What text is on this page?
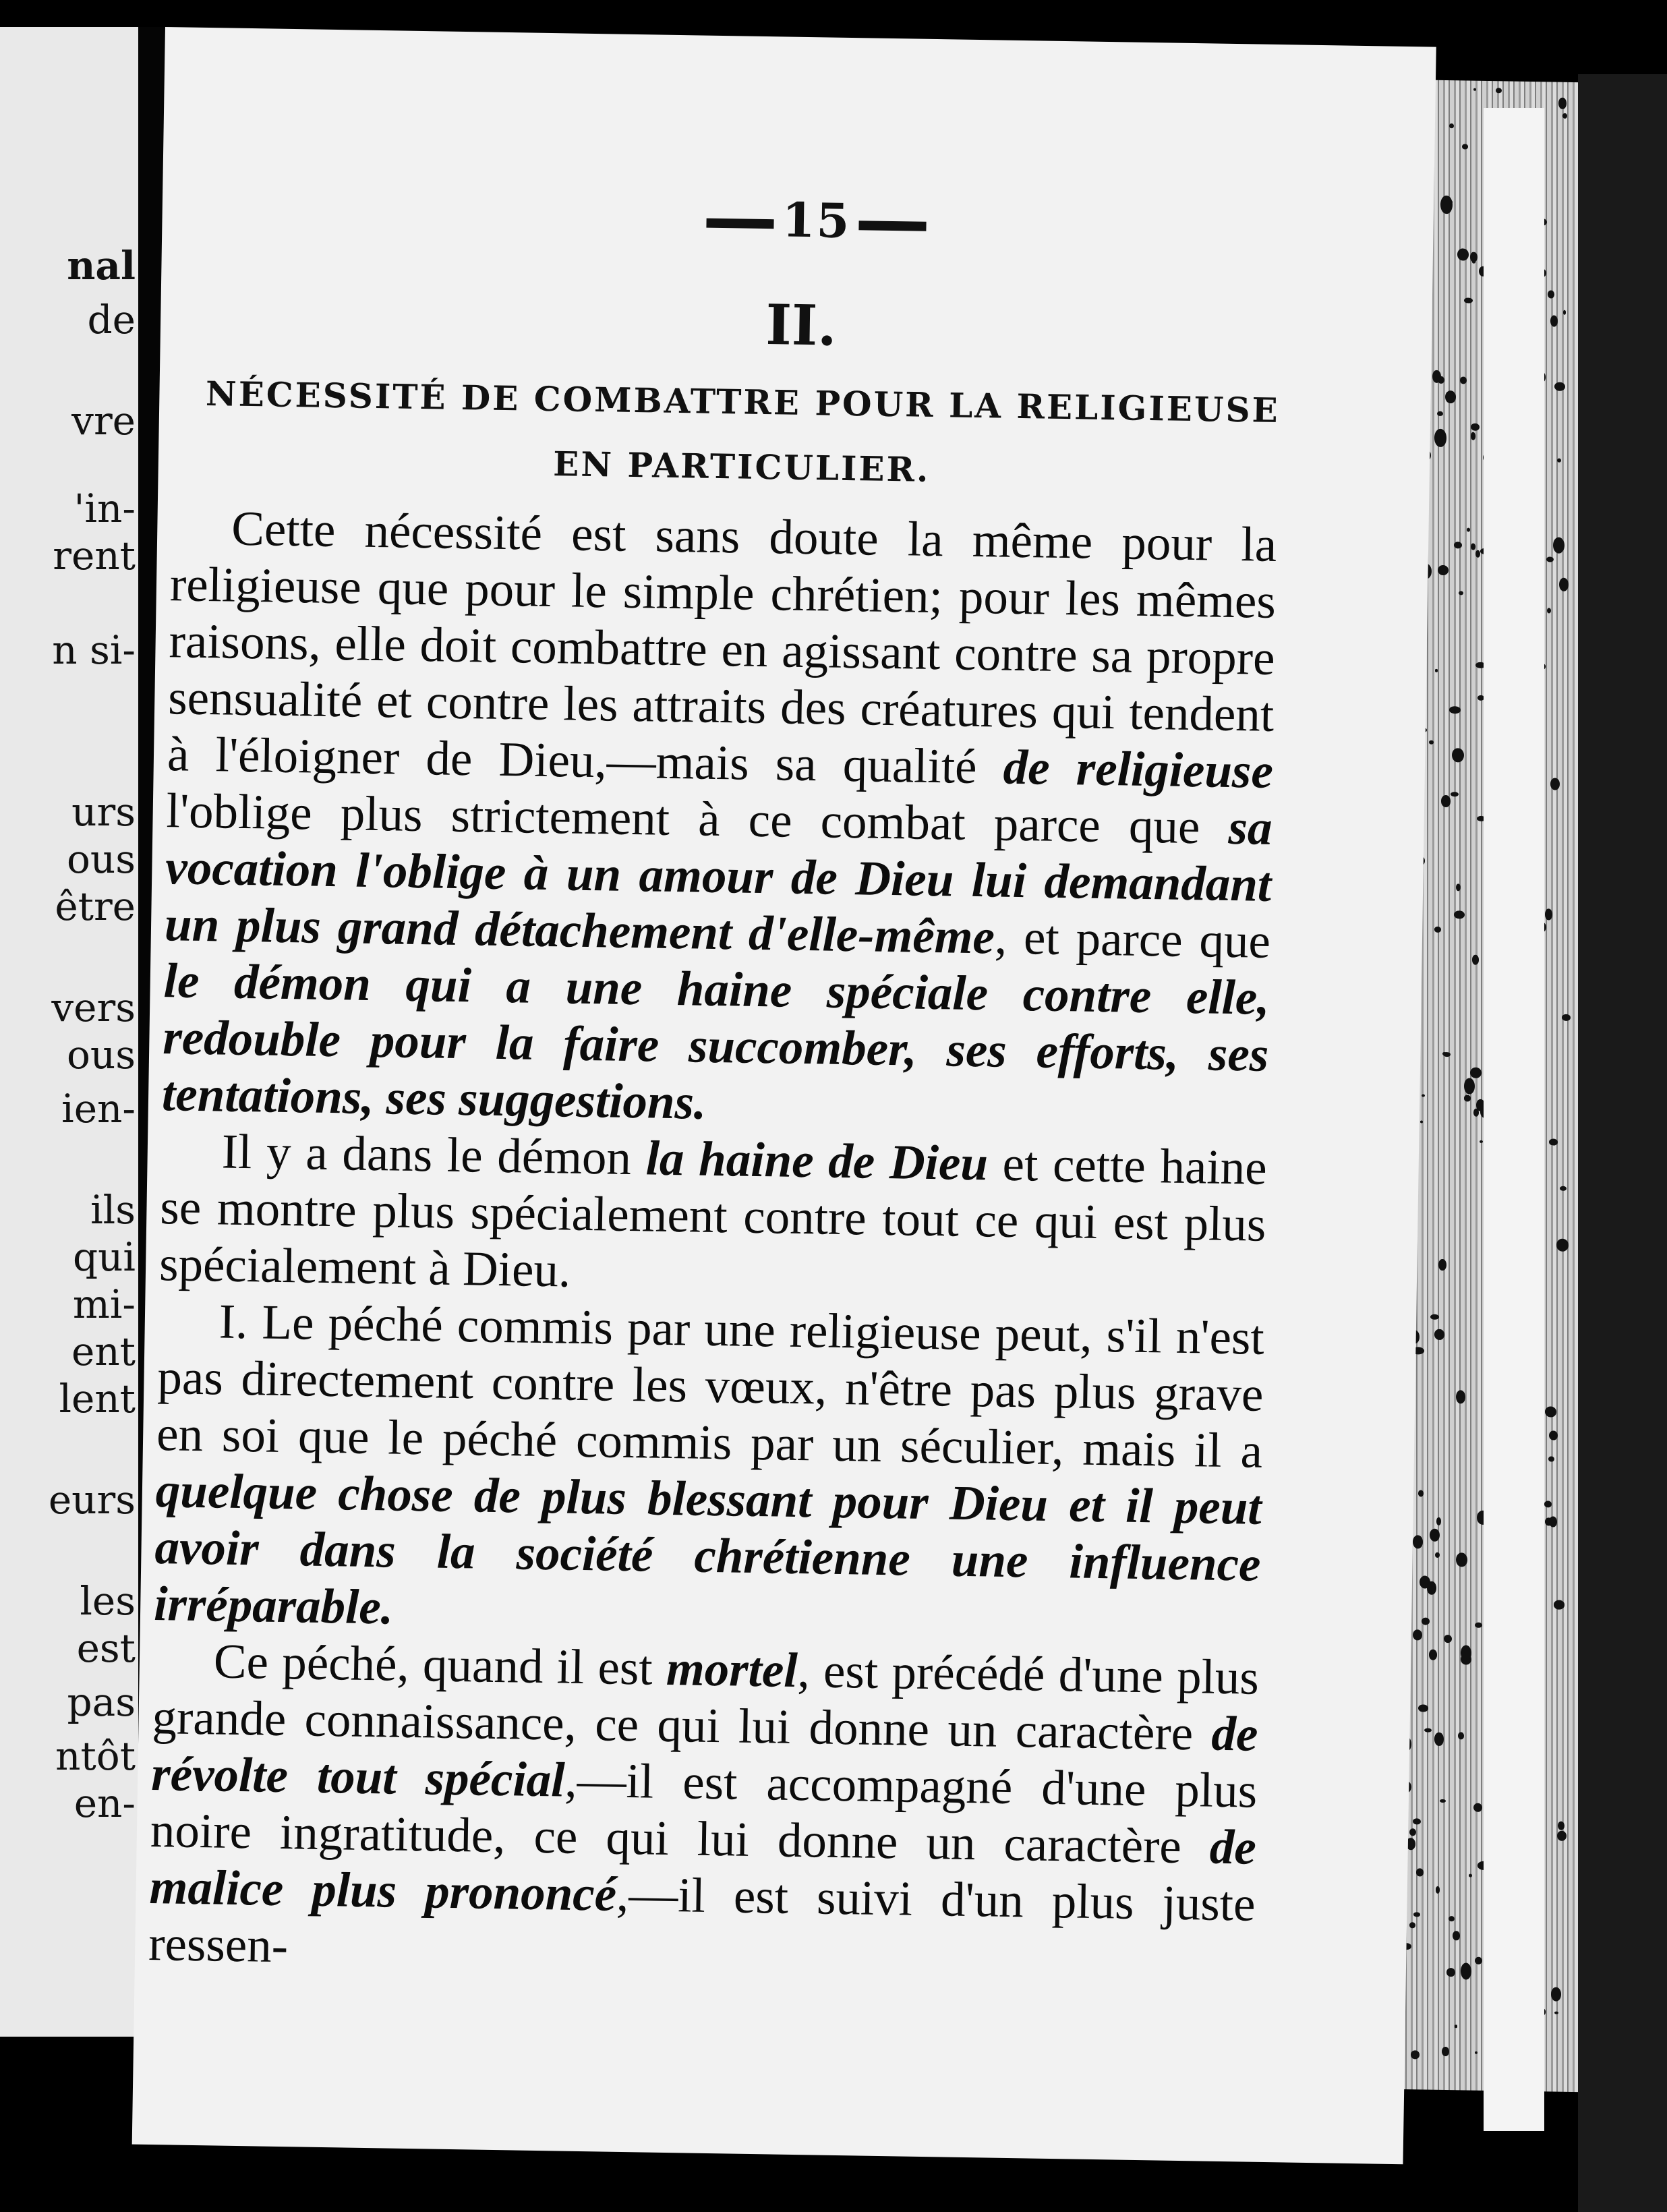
nal
de
vre
'in-
rent
n si-
urs
ous
être
vers
ous
ien-
ils
qui
mi-
ent
lent
eurs
les
est
pas
ntôt
en-
15
II.
NÉCESSITÉ DE COMBATTRE POUR LA RELIGIEUSE
EN PARTICULIER.

Cette nécessité est sans doute la même pour la religieuse que pour le simple chrétien; pour les mêmes raisons, elle doit combattre en agissant contre sa propre sensualité et contre les attraits des créatures qui tendent à l'éloigner de Dieu,—mais sa qualité de religieuse l'oblige plus strictement à ce combat parce que sa vocation l'oblige à un amour de Dieu lui demandant un plus grand détachement d'elle-même, et parce que le démon qui a une haine spéciale contre elle, redouble pour la faire succomber, ses efforts, ses tentations, ses suggestions.

Il y a dans le démon la haine de Dieu et cette haine se montre plus spécialement contre tout ce qui est plus spécialement à Dieu.

I. Le péché commis par une religieuse peut, s'il n'est pas directement contre les vœux, n'être pas plus grave en soi que le péché commis par un séculier, mais il a quelque chose de plus blessant pour Dieu et il peut avoir dans la société chrétienne une influence irréparable.

Ce péché, quand il est mortel, est précédé d'une plus grande connaissance, ce qui lui donne un caractère de révolte tout spécial,—il est accompagné d'une plus noire ingratitude, ce qui lui donne un caractère de malice plus prononcé,—il est suivi d'un plus juste ressen-
